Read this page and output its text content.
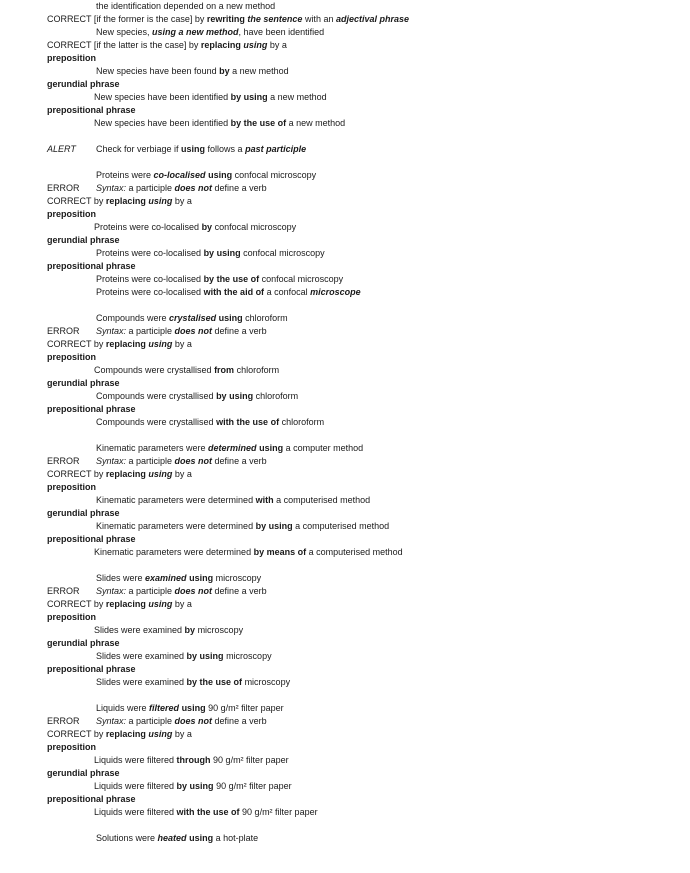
the identification depended on a new method
CORRECT [if the former is the case] by rewriting the sentence with an adjectival phrase
New species, using a new method, have been identified
CORRECT [if the latter is the case] by replacing using by a
preposition
New species have been found by a new method
gerundial phrase
New species have been identified by using a new method
prepositional phrase
New species have been identified by the use of a new method
ALERT Check for verbiage if using follows a past participle
Proteins were co-localised using confocal microscopy
ERROR Syntax: a participle does not define a verb
CORRECT by replacing using by a
preposition
Proteins were co-localised by confocal microscopy
gerundial phrase
Proteins were co-localised by using confocal microscopy
prepositional phrase
Proteins were co-localised by the use of confocal microscopy
Proteins were co-localised with the aid of a confocal microscope
Compounds were crystalised using chloroform
ERROR Syntax: a participle does not define a verb
CORRECT by replacing using by a
preposition
Compounds were crystallised from chloroform
gerundial phrase
Compounds were crystallised by using chloroform
prepositional phrase
Compounds were crystallised with the use of chloroform
Kinematic parameters were determined using a computer method
ERROR Syntax: a participle does not define a verb
CORRECT by replacing using by a
preposition
Kinematic parameters were determined with a computerised method
gerundial phrase
Kinematic parameters were determined by using a computerised method
prepositional phrase
Kinematic parameters were determined by means of a computerised method
Slides were examined using microscopy
ERROR Syntax: a participle does not define a verb
CORRECT by replacing using by a
preposition
Slides were examined by microscopy
gerundial phrase
Slides were examined by using microscopy
prepositional phrase
Slides were examined by the use of microscopy
Liquids were filtered using 90 g/m² filter paper
ERROR Syntax: a participle does not define a verb
CORRECT by replacing using by a
preposition
Liquids were filtered through 90 g/m² filter paper
gerundial phrase
Liquids were filtered by using 90 g/m² filter paper
prepositional phrase
Liquids were filtered with the use of 90 g/m² filter paper
Solutions were heated using a hot-plate
